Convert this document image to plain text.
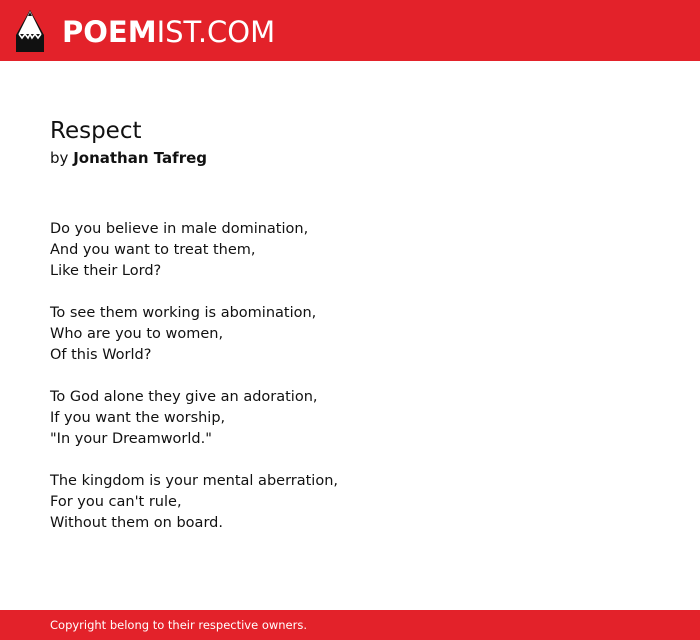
POEMIST.COM
Respect
by Jonathan Tafreg

Do you believe in male domination,
And you want to treat them,
Like their Lord?

To see them working is abomination,
Who are you to women,
Of this World?

To God alone they give an adoration,
If you want the worship,
"In your Dreamworld."

The kingdom is your mental aberration,
For you can't rule,
Without them on board.

Copyright belong to their respective owners.
